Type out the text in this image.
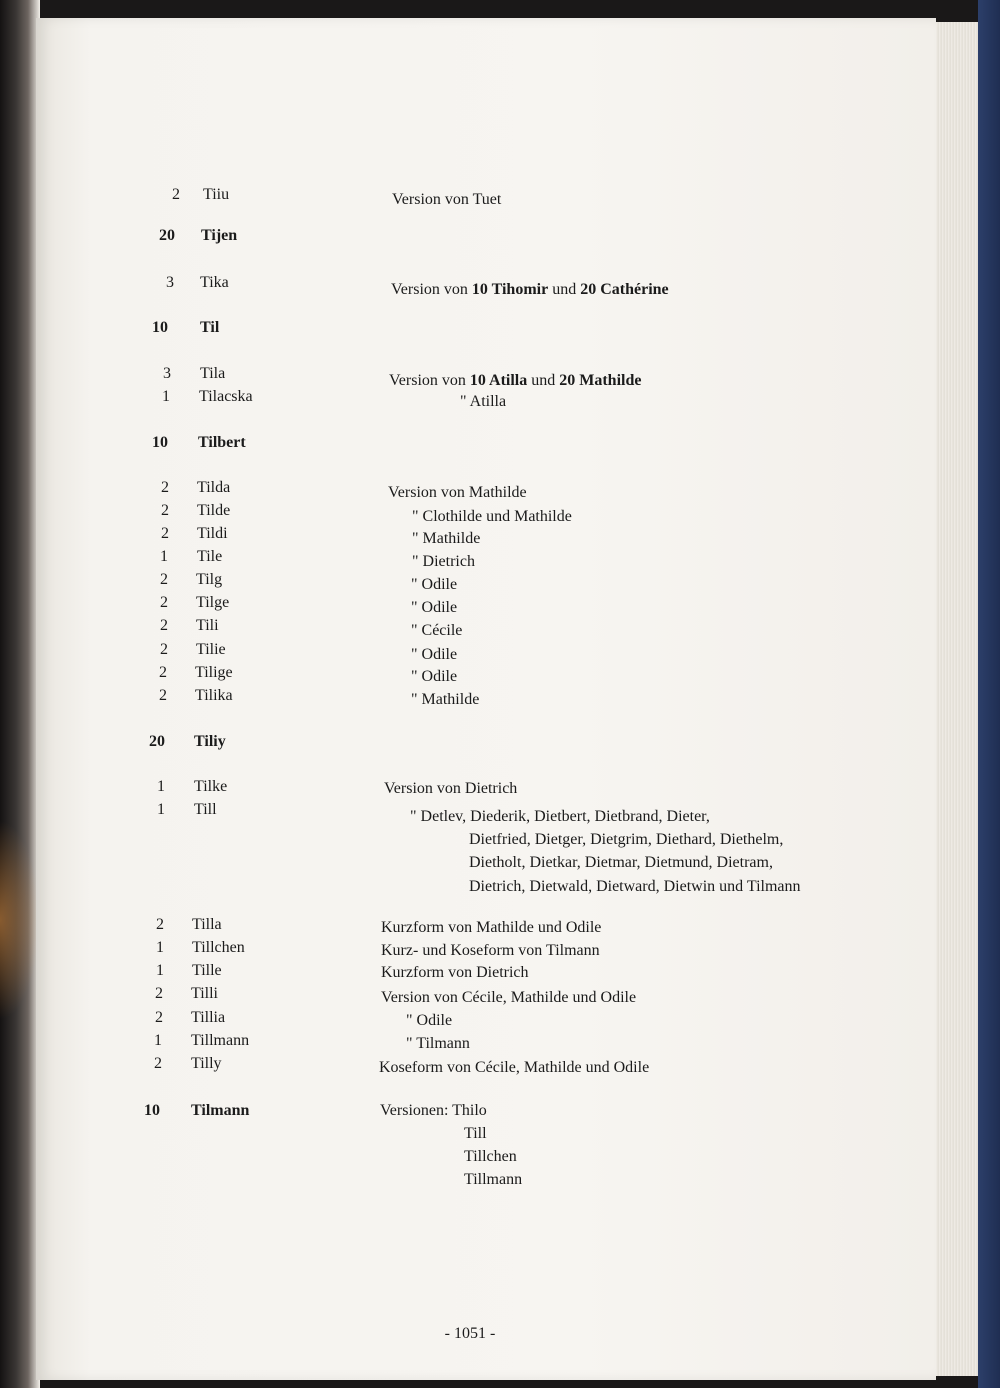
2 Tiiu	Version von Tuet
20 Tijen
3 Tika	Version von 10 Tihomir und 20 Cathérine
10 Til
3 Tila	Version von 10 Atilla und 20 Mathilde
1 Tilacska	" Atilla
10 Tilbert
2 Tilda	Version von Mathilde
2 Tilde	" Clothilde und Mathilde
2 Tildi	" Mathilde
1 Tile	" Dietrich
2 Tilg	" Odile
2 Tilge	" Odile
2 Tili	" Cécile
2 Tilie	" Odile
2 Tilige	" Odile
2 Tilika	" Mathilde
20 Tiliy
1 Tilke	Version von Dietrich
1 Till	" Detlev, Diederik, Dietbert, Dietbrand, Dieter,
Dietfried, Dietger, Dietgrim, Diethard, Diethelm,
Dietholt, Dietkar, Dietmar, Dietmund, Dietram,
Dietrich, Dietwald, Dietward, Dietwin und Tilmann
2 Tilla	Kurzform von Mathilde und Odile
1 Tillchen	Kurz- und Koseform von Tilmann
1 Tille	Kurzform von Dietrich
2 Tilli	Version von Cécile, Mathilde und Odile
2 Tillia	" Odile
1 Tillmann	" Tilmann
2 Tilly	Koseform von Cécile, Mathilde und Odile
10 Tilmann	Versionen: Thilo
Till
Tillchen
Tillmann
- 1051 -
